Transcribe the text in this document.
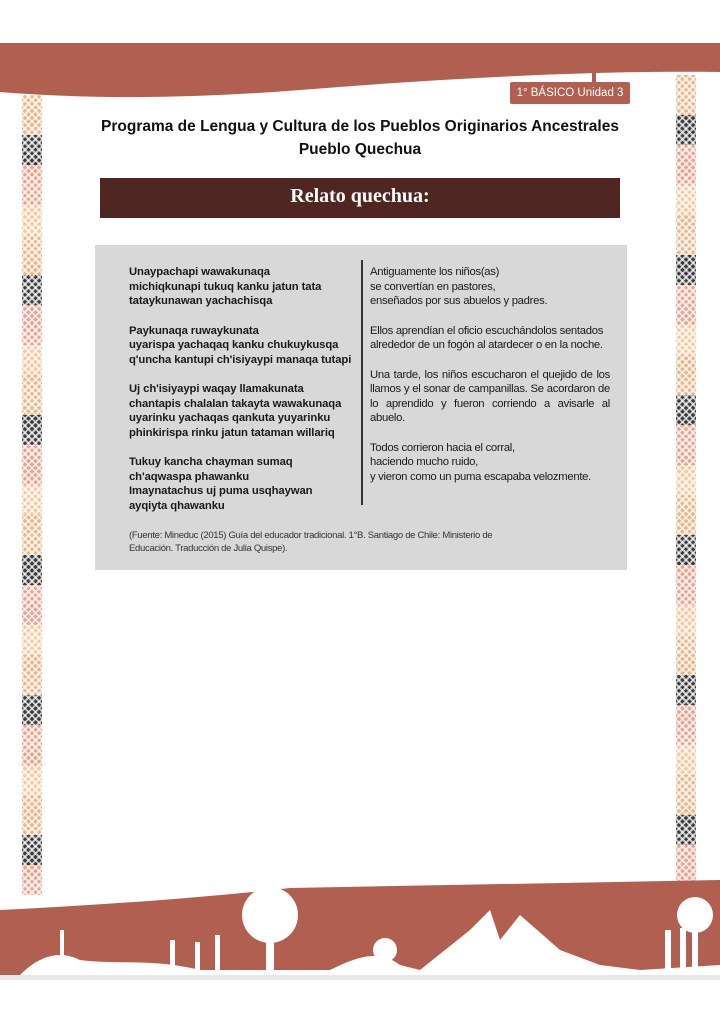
1° BÁSICO Unidad 3
Programa de Lengua y Cultura de los Pueblos Originarios Ancestrales
Pueblo Quechua
Relato quechua:

Unaypachapi wawakunaqa
michiqkunapi tukuq kanku jatun tata
tataykunawan yachachisqa

Paykunaqa ruwaykunata
uyarispa yachaqaq kanku chukuykusqa
q'uncha kantupi ch'isiyaypi manaqa tutapi

Uj ch'isiyaypi waqay llamakunata
chantapis chalalan takayta wawakunaqa
uyarinku yachaqas qankuta yuyarinku
phinkirispa rinku jatun tataman willariq

Tukuy kancha chayman sumaq
ch'aqwaspa phawanku
Imaynatachus uj puma usqhaywan
ayqiyta qhawanku

Antiguamente los niños(as)
se convertían en pastores,
enseñados por sus abuelos y padres.

Ellos aprendían el oficio escuchándolos sentados
alrededor de un fogón al atardecer o en la noche.

Una tarde, los niños escucharon el quejido de los llamos y el sonar de campanillas. Se acordaron de lo aprendido y fueron corriendo a avisarle al abuelo.

Todos corrieron hacia el corral,
haciendo mucho ruido,
y vieron como un puma escapaba velozmente.

(Fuente: Mineduc (2015) Guía del educador tradicional. 1°B. Santiago de Chile: Ministerio de Educación. Traducción de Julia Quispe).
